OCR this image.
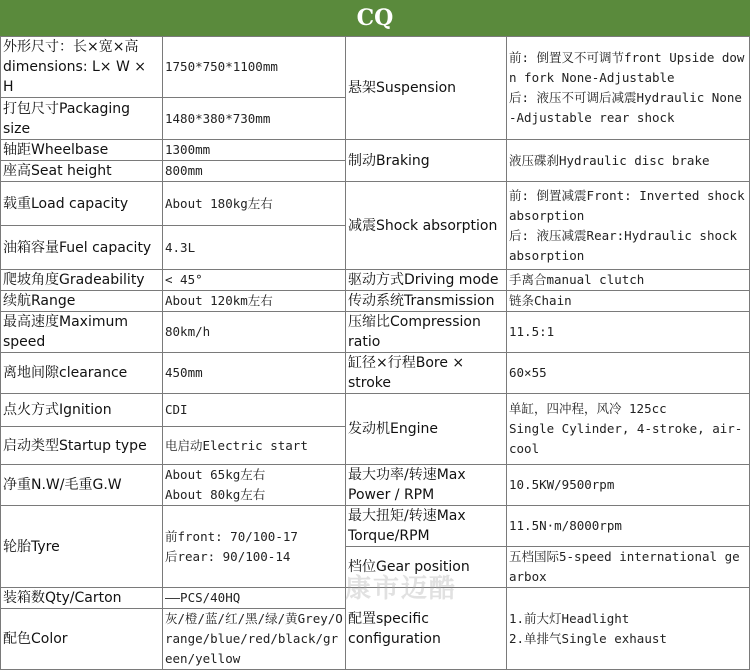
CQ
外形尺寸：长×宽×高dimensions: L× W × H	1750*750*1100mm	悬架Suspension	前: 倒置叉不可调节front Upside down fork None-Adjustable
后: 液压不可调后减震Hydraulic None-Adjustable rear shock

打包尺寸Packaging size	1480*380*730mm		
轴距Wheelbase	1300mm	制动Braking	液压碟刹Hydraulic disc brake
座高Seat height	800mm		
载重Load capacity	About 180kg左右	减震Shock absorption	前: 倒置减震Front: Inverted shock absorption
后: 液压减震Rear:Hydraulic shock absorption

油箱容量Fuel capacity	4.3L		
爬坡角度Gradeability	< 45°	驱动方式Driving mode	手离合manual clutch
续航Range	About 120km左右	传动系统Transmission	链条Chain
最高速度Maximum speed	80km/h	压缩比Compression ratio	11.5:1
离地间隙clearance	450mm	缸径×行程Bore × stroke	60×55
点火方式Ignition	CDI	发动机Engine	单缸，四冲程，风冷 125cc
Single Cylinder, 4-stroke, air-cool

启动类型Startup type	电启动Electric start		
净重N.W/毛重G.W	About 65kg左右
About 80kg左右	最大功率/转速Max Power / RPM	10.5KW/9500rpm
轮胎Tyre	前front: 70/100-17
后rear: 90/100-14	最大扭矩/转速Max Torque/RPM	11.5N·m/8000rpm
		档位Gear position	五档国际5-speed international gearbox
装箱数Qty/Carton	——PCS/40HQ	配置specific configuration	1.前大灯Headlight
2.单排气Single exhaust

配色Color	灰/橙/蓝/红/黑/绿/黄Grey/Orange/blue/red/black/green/yellow		
康市迈酷
